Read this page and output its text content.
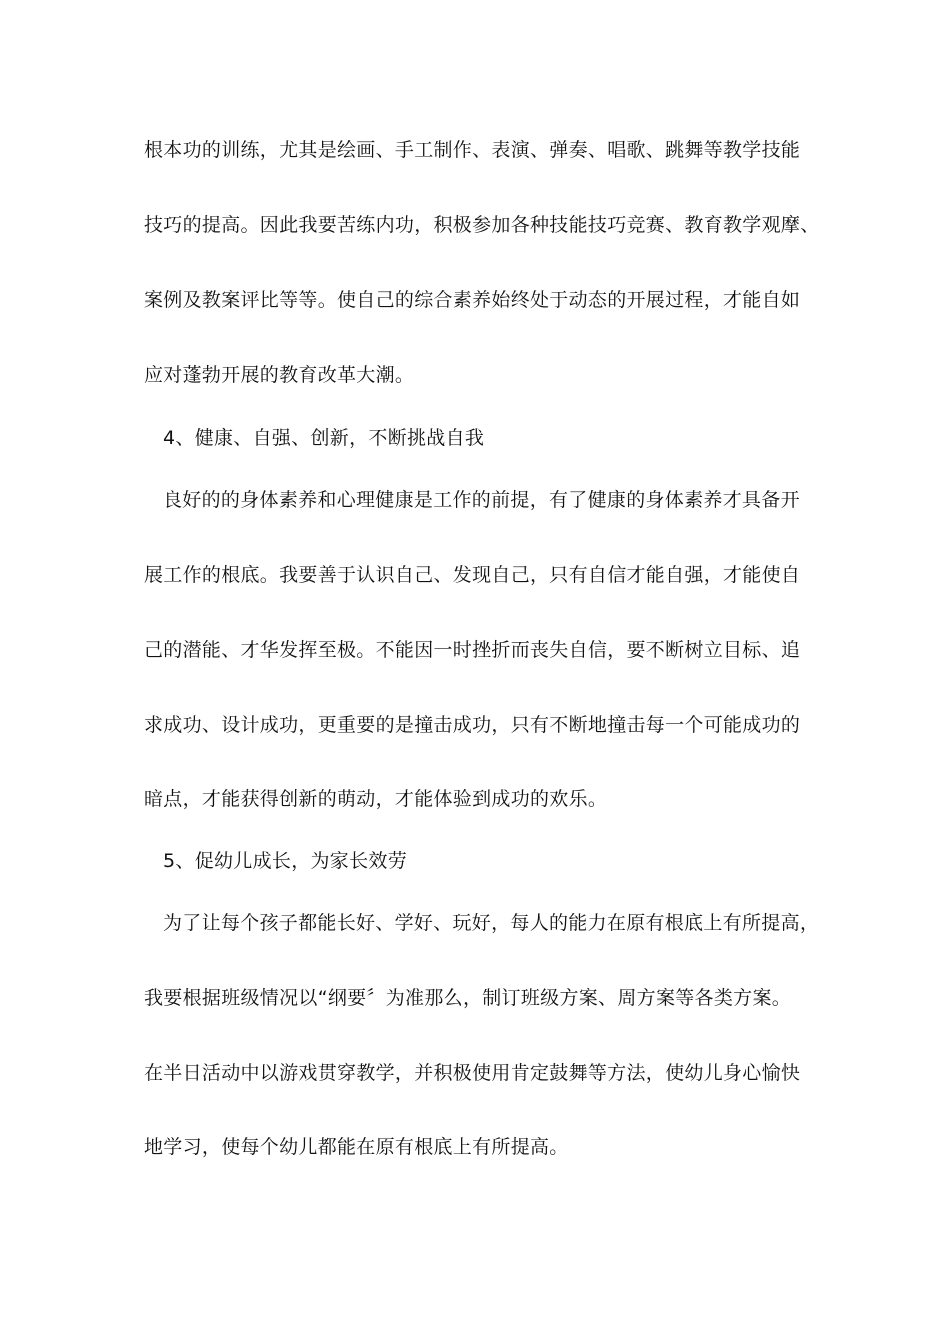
根本功的训练，尤其是绘画、手工制作、表演、弹奏、唱歌、跳舞等教学技能
技巧的提高。因此我要苦练内功，积极参加各种技能技巧竞赛、教育教学观摩、
案例及教案评比等等。使自己的综合素养始终处于动态的开展过程，才能自如
应对蓬勃开展的教育改革大潮。
4、健康、自强、创新，不断挑战自我
良好的的身体素养和心理健康是工作的前提，有了健康的身体素养才具备开
展工作的根底。我要善于认识自己、发现自己，只有自信才能自强，才能使自
己的潜能、才华发挥至极。不能因一时挫折而丧失自信，要不断树立目标、追
求成功、设计成功，更重要的是撞击成功，只有不断地撞击每一个可能成功的
暗点，才能获得创新的萌动，才能体验到成功的欢乐。
5、促幼儿成长，为家长效劳
为了让每个孩子都能长好、学好、玩好，每人的能力在原有根底上有所提高，
我要根据班级情况以“纲要〞为准那么，制订班级方案、周方案等各类方案。
在半日活动中以游戏贯穿教学，并积极使用肯定鼓舞等方法，使幼儿身心愉快
地学习，使每个幼儿都能在原有根底上有所提高。
